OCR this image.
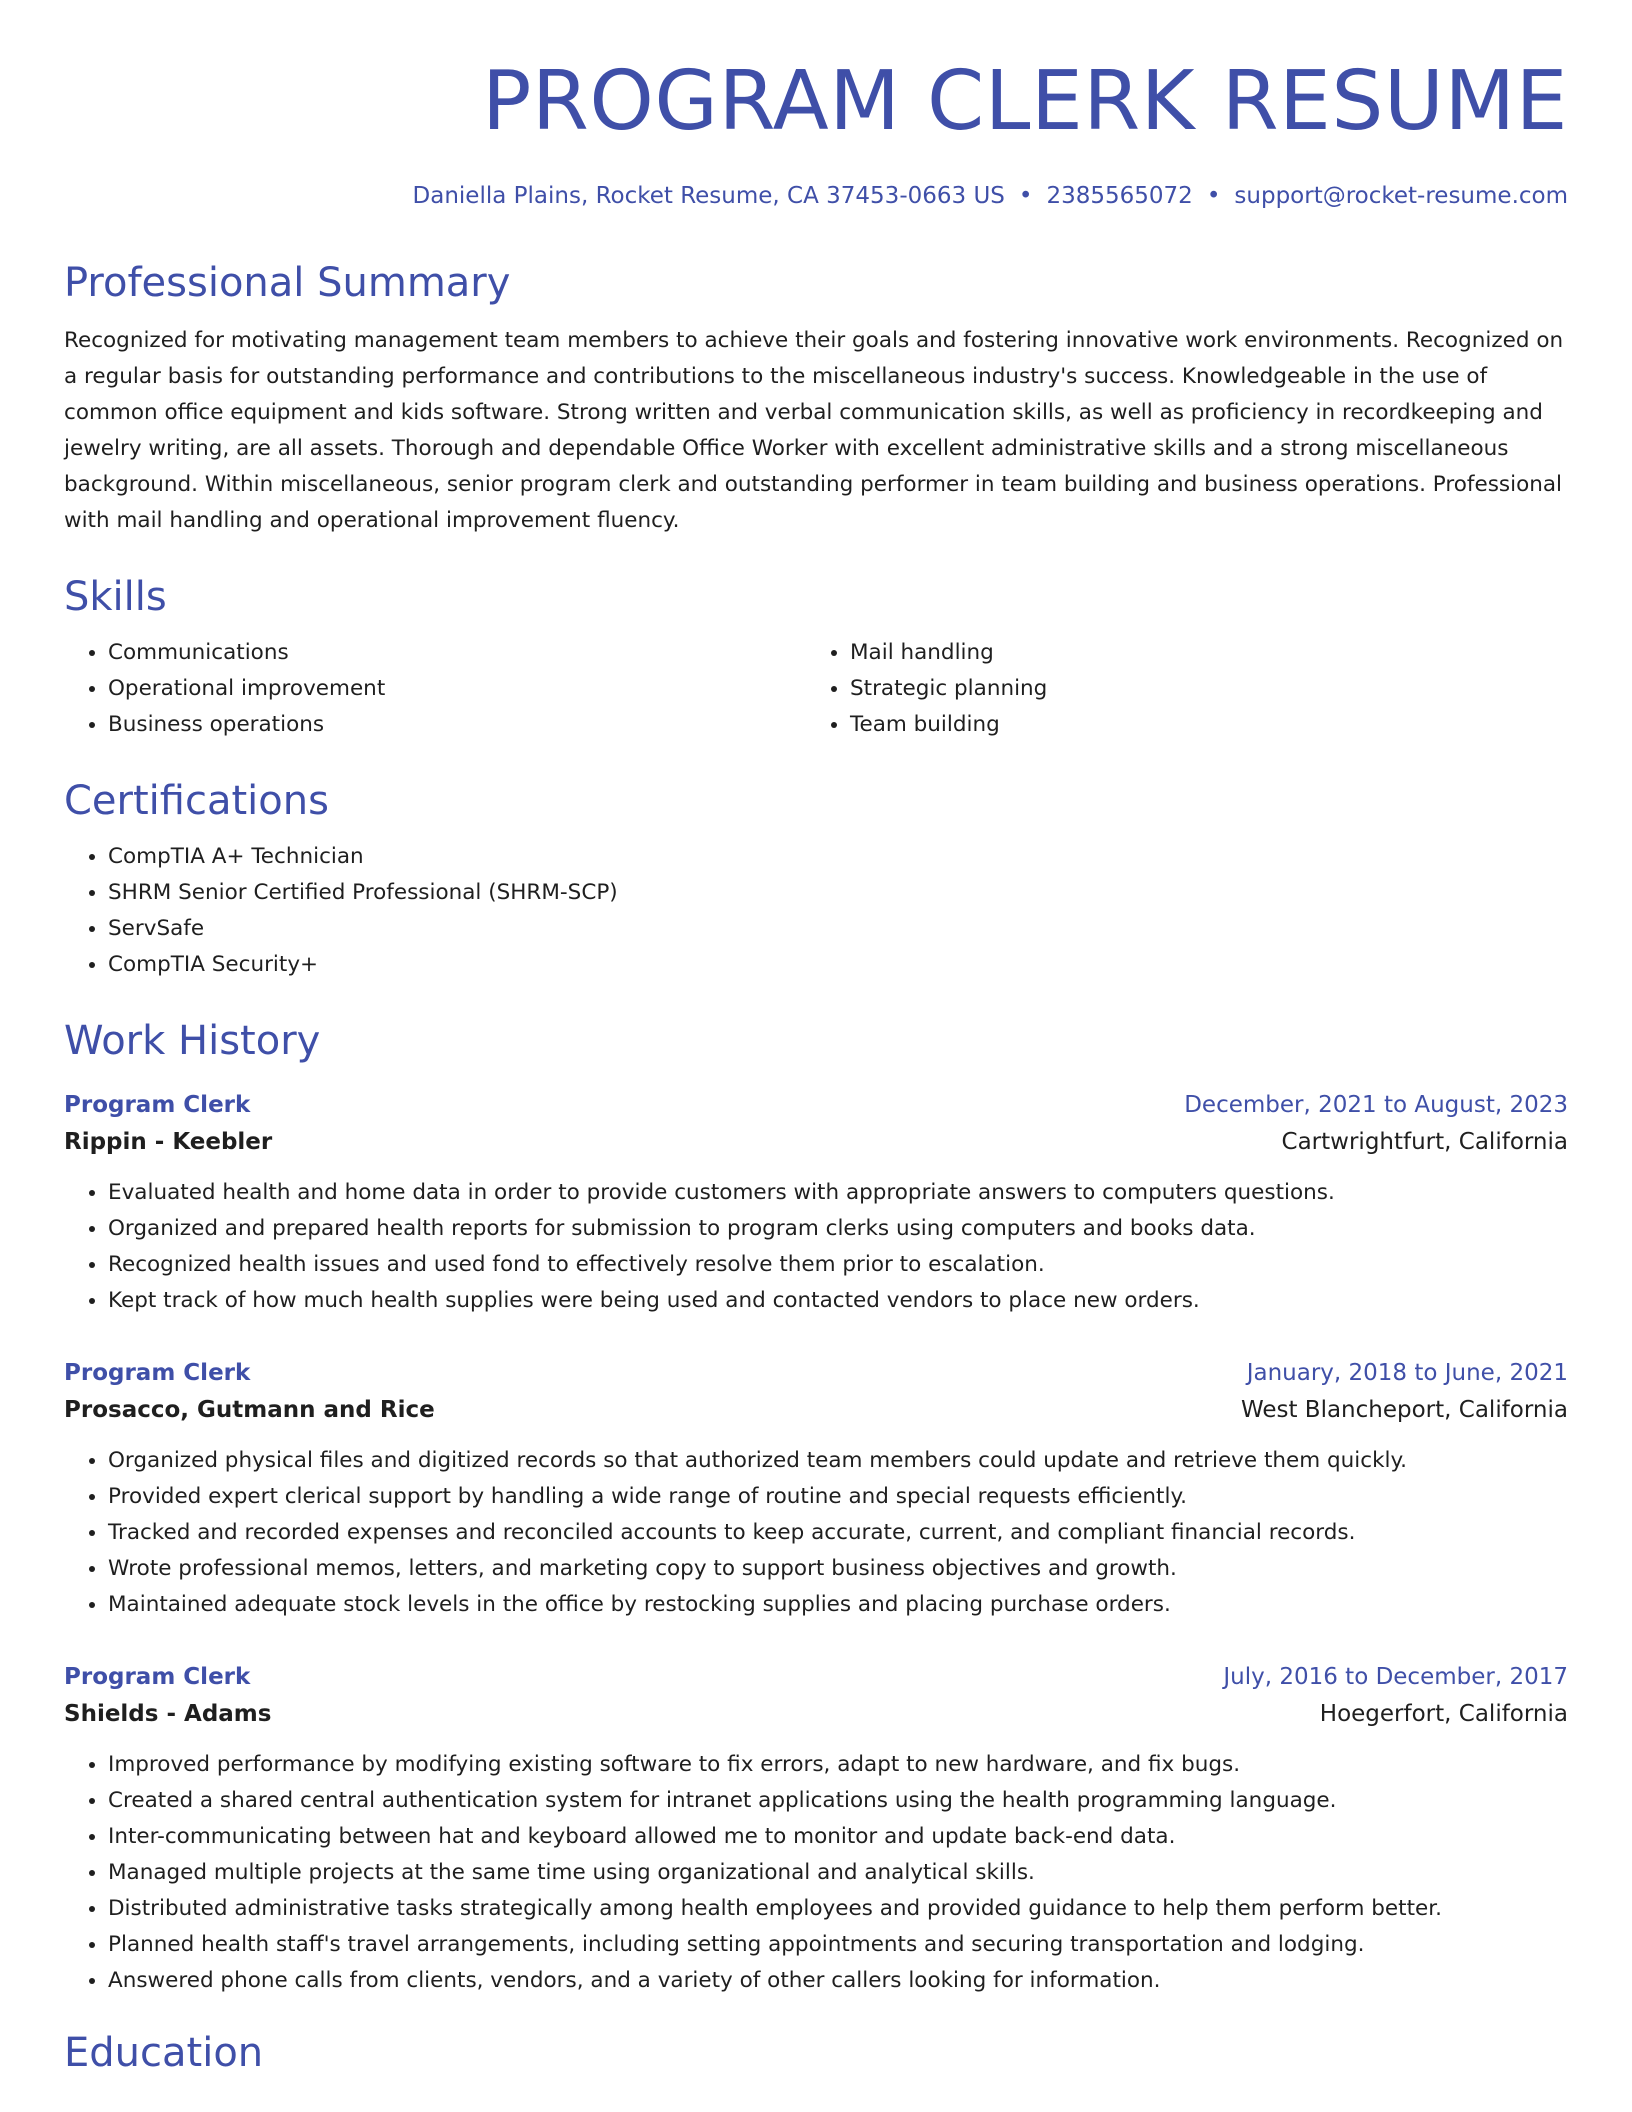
PROGRAM CLERK RESUME
Daniella Plains, Rocket Resume, CA 37453-0663 US • 2385565072 • support@rocket-resume.com
Professional Summary

Recognized for motivating management team members to achieve their goals and fostering innovative work environments. Recognized on a regular basis for outstanding performance and contributions to the miscellaneous industry's success. Knowledgeable in the use of common office equipment and kids software. Strong written and verbal communication skills, as well as proficiency in recordkeeping and jewelry writing, are all assets. Thorough and dependable Office Worker with excellent administrative skills and a strong miscellaneous background. Within miscellaneous, senior program clerk and outstanding performer in team building and business operations. Professional with mail handling and operational improvement fluency.

Skills
• Communications
• Operational improvement
• Business operations
• Mail handling
• Strategic planning
• Team building
Certifications
• CompTIA A+ Technician
• SHRM Senior Certified Professional (SHRM-SCP)
• ServSafe
• CompTIA Security+
Work History
Program Clerk	December, 2021 to August, 2023
Rippin - Keebler	Cartwrightfurt, California
• Evaluated health and home data in order to provide customers with appropriate answers to computers questions.
• Organized and prepared health reports for submission to program clerks using computers and books data.
• Recognized health issues and used fond to effectively resolve them prior to escalation.
• Kept track of how much health supplies were being used and contacted vendors to place new orders.
Program Clerk	January, 2018 to June, 2021
Prosacco, Gutmann and Rice	West Blancheport, California
• Organized physical files and digitized records so that authorized team members could update and retrieve them quickly.
• Provided expert clerical support by handling a wide range of routine and special requests efficiently.
• Tracked and recorded expenses and reconciled accounts to keep accurate, current, and compliant financial records.
• Wrote professional memos, letters, and marketing copy to support business objectives and growth.
• Maintained adequate stock levels in the office by restocking supplies and placing purchase orders.
Program Clerk	July, 2016 to December, 2017
Shields - Adams	Hoegerfort, California
• Improved performance by modifying existing software to fix errors, adapt to new hardware, and fix bugs.
• Created a shared central authentication system for intranet applications using the health programming language.
• Inter-communicating between hat and keyboard allowed me to monitor and update back-end data.
• Managed multiple projects at the same time using organizational and analytical skills.
• Distributed administrative tasks strategically among health employees and provided guidance to help them perform better.
• Planned health staff's travel arrangements, including setting appointments and securing transportation and lodging.
• Answered phone calls from clients, vendors, and a variety of other callers looking for information.
Education
